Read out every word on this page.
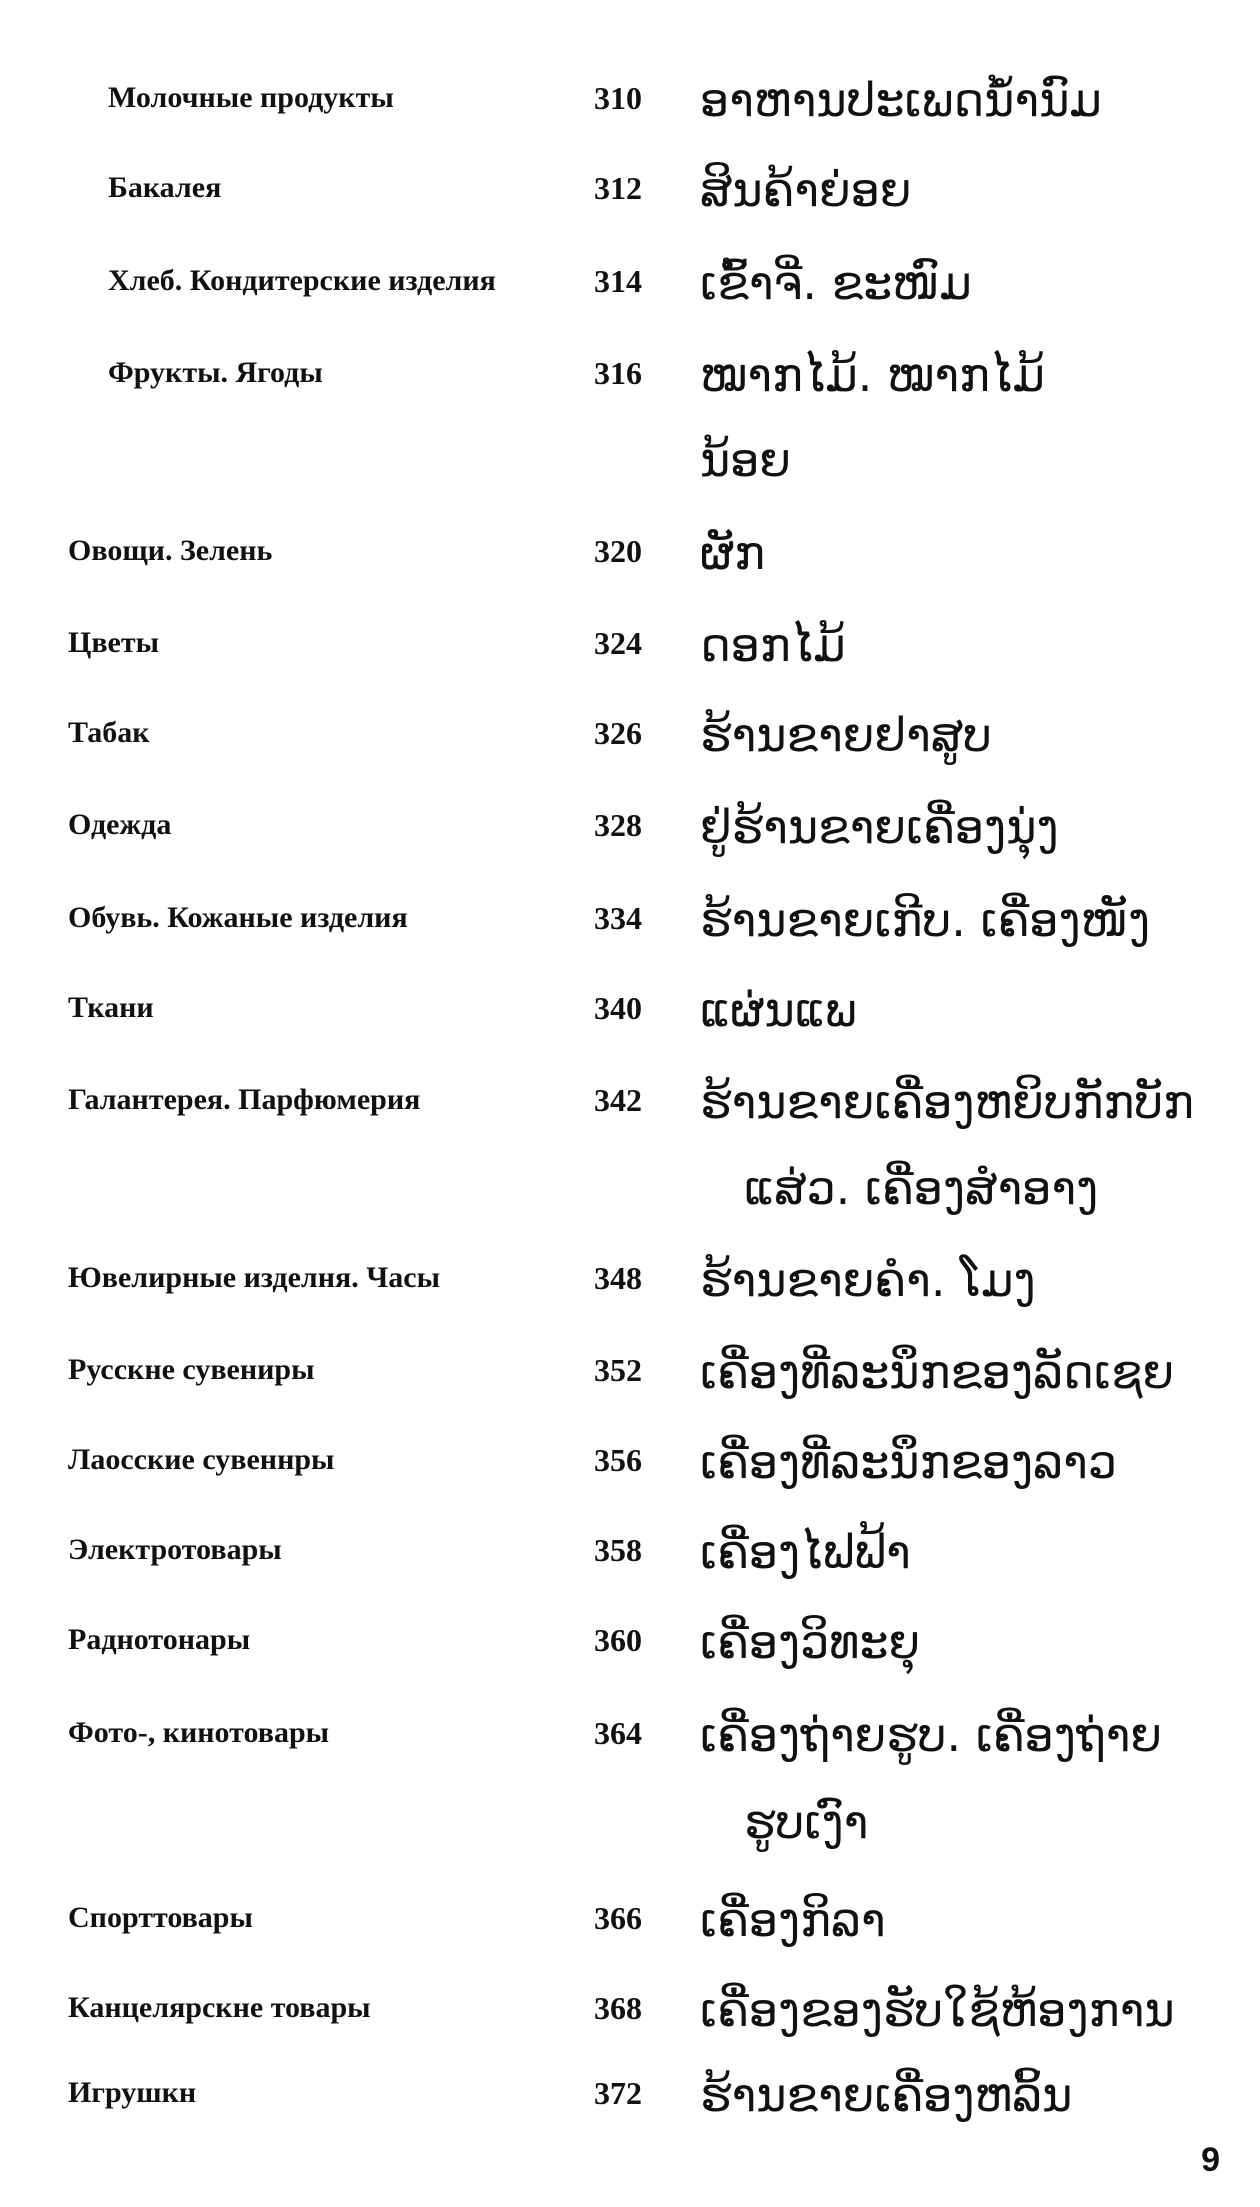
Молочные продукты	310	ອາຫານປະເພດນ້ຳນົມ
Бакалея	312	ສິນຄ້າຍ່ອຍ
Хлеб. Кондитерские изделия	314	ເຂົ້າຈີ່. ຂະໜົມ
Фрукты. Ягоды	316	ໝາກໄມ້. ໝາກໄມ້
ນ້ອຍ
Овощи. Зелень	320	ຜັກ
Цветы	324	ດອກໄມ້
Табак	326	ຮ້ານຂາຍຢາສູບ
Одежда	328	ຢູ່ຮ້ານຂາຍເຄື່ອງນຸ່ງ
Обувь. Кожаные изделия	334	ຮ້ານຂາຍເກີບ. ເຄື່ອງໜັງ
Ткани	340	ແຜ່ນແພ
Галантерея. Парфюмерия	342	ຮ້ານຂາຍເຄື່ອງຫຍິບກັກບັກ
ແສ່ວ. ເຄື່ອງສຳອາງ
Ювелирные изделня. Часы	348	ຮ້ານຂາຍຄຳ. ໂມງ
Русскне сувениры	352	ເຄື່ອງທີ່ລະນຶກຂອງລັດເຊຍ
Лаосские сувеннры	356	ເຄື່ອງທີ່ລະນຶກຂອງລາວ
Электротовары	358	ເຄື່ອງໄຟຟ້າ
Раднотонары	360	ເຄື່ອງວິທະຍຸ
Фото-, кинотовары	364	ເຄື່ອງຖ່າຍຮູບ. ເຄື່ອງຖ່າຍ
ຮູບເງົາ
Спорттовары	366	ເຄື່ອງກິລາ
Канцелярскне товары	368	ເຄື່ອງຂອງຮັບໃຊ້ຫ້ອງການ
Игрушкн	372	ຮ້ານຂາຍເຄື່ອງຫລິ້ນ
9
